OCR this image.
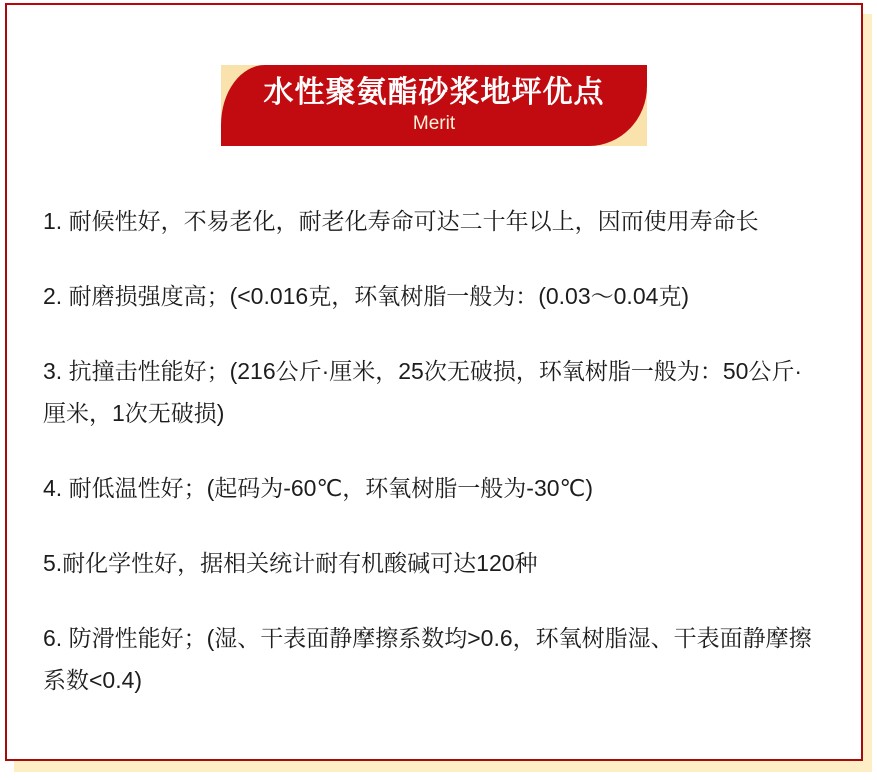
水性聚氨酯砂浆地坪优点
Merit

1. 耐候性好，不易老化，耐老化寿命可达二十年以上，因而使用寿命长

2. 耐磨损强度高；(<0.016克，环氧树脂一般为：(0.03～0.04克)

3. 抗撞击性能好；(216公斤·厘米，25次无破损，环氧树脂一般为：50公斤·厘米，1次无破损)

4. 耐低温性好；(起码为-60℃，环氧树脂一般为-30℃)

5.耐化学性好，据相关统计耐有机酸碱可达120种

6. 防滑性能好；(湿、干表面静摩擦系数均>0.6，环氧树脂湿、干表面静摩擦系数<0.4)
